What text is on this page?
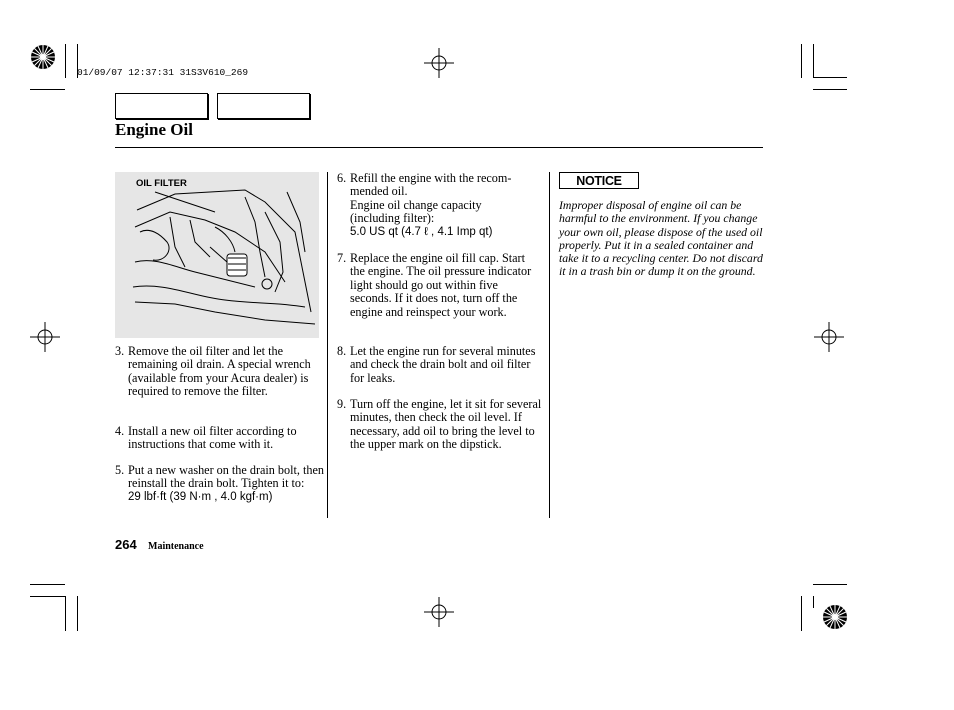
01/09/07 12:37:31 31S3V610_269
Engine Oil
OIL FILTER
3. Remove the oil filter and let the remaining oil drain. A special wrench (available from your Acura dealer) is required to remove the filter.
4. Install a new oil filter according to instructions that come with it.
5. Put a new washer on the drain bolt, then reinstall the drain bolt. Tighten it to:
29 lbf·ft (39 N·m , 4.0 kgf·m)
6. Refill the engine with the recom- mended oil.
Engine oil change capacity
(including filter):
5.0 US qt (4.7 ℓ , 4.1 Imp qt)
7. Replace the engine oil fill cap. Start the engine. The oil pressure indicator light should go out within five seconds. If it does not, turn off the engine and reinspect your work.
8. Let the engine run for several minutes and check the drain bolt and oil filter for leaks.
9. Turn off the engine, let it sit for several minutes, then check the oil level. If necessary, add oil to bring the level to the upper mark on the dipstick.
NOTICE
Improper disposal of engine oil can be harmful to the environment. If you change your own oil, please dispose of the used oil properly. Put it in a sealed container and take it to a recycling center. Do not discard it in a trash bin or dump it on the ground.
264 Maintenance
